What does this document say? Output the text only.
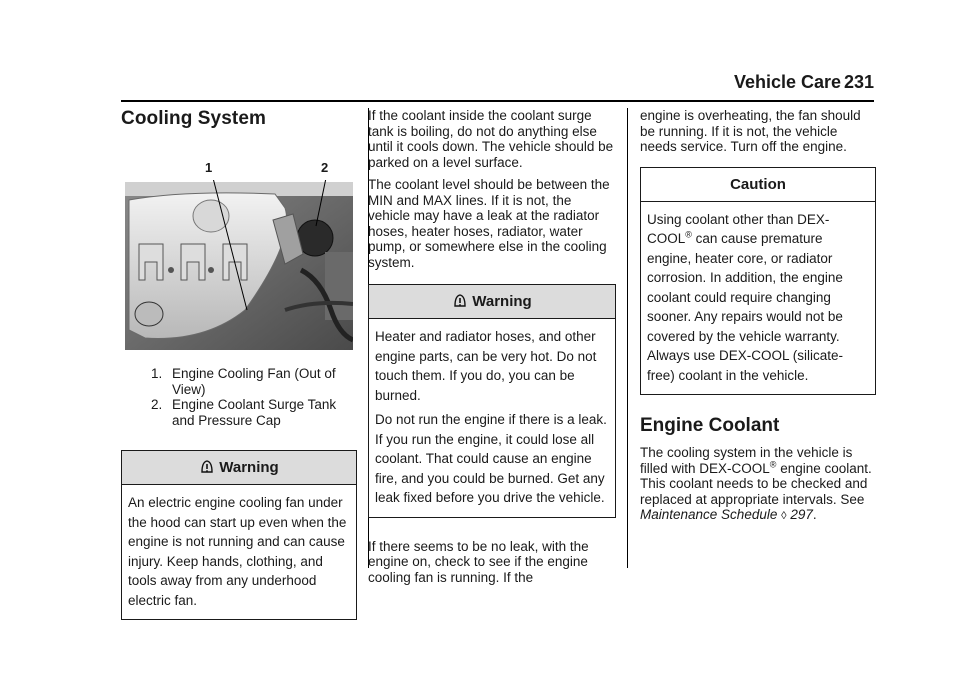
Vehicle Care 231
Cooling System
1	2
1. Engine Cooling Fan (Out of View)
2. Engine Coolant Surge Tank and Pressure Cap
Warning

An electric engine cooling fan under the hood can start up even when the engine is not running and can cause injury. Keep hands, clothing, and tools away from any underhood electric fan.

If the coolant inside the coolant surge tank is boiling, do not do anything else until it cools down. The vehicle should be parked on a level surface.

The coolant level should be between the MIN and MAX lines. If it is not, the vehicle may have a leak at the radiator hoses, heater hoses, radiator, water pump, or somewhere else in the cooling system.

Warning

Heater and radiator hoses, and other engine parts, can be very hot. Do not touch them. If you do, you can be burned.

Do not run the engine if there is a leak. If you run the engine, it could lose all coolant. That could cause an engine fire, and you could be burned. Get any leak fixed before you drive the vehicle.

If there seems to be no leak, with the engine on, check to see if the engine cooling fan is running. If the

engine is overheating, the fan should be running. If it is not, the vehicle needs service. Turn off the engine.

Caution

Using coolant other than DEX-COOL® can cause premature engine, heater core, or radiator corrosion. In addition, the engine coolant could require changing sooner. Any repairs would not be covered by the vehicle warranty. Always use DEX-COOL (silicate-free) coolant in the vehicle.

Engine Coolant

The cooling system in the vehicle is filled with DEX-COOL® engine coolant. This coolant needs to be checked and replaced at appropriate intervals. See Maintenance Schedule ◊ 297.
